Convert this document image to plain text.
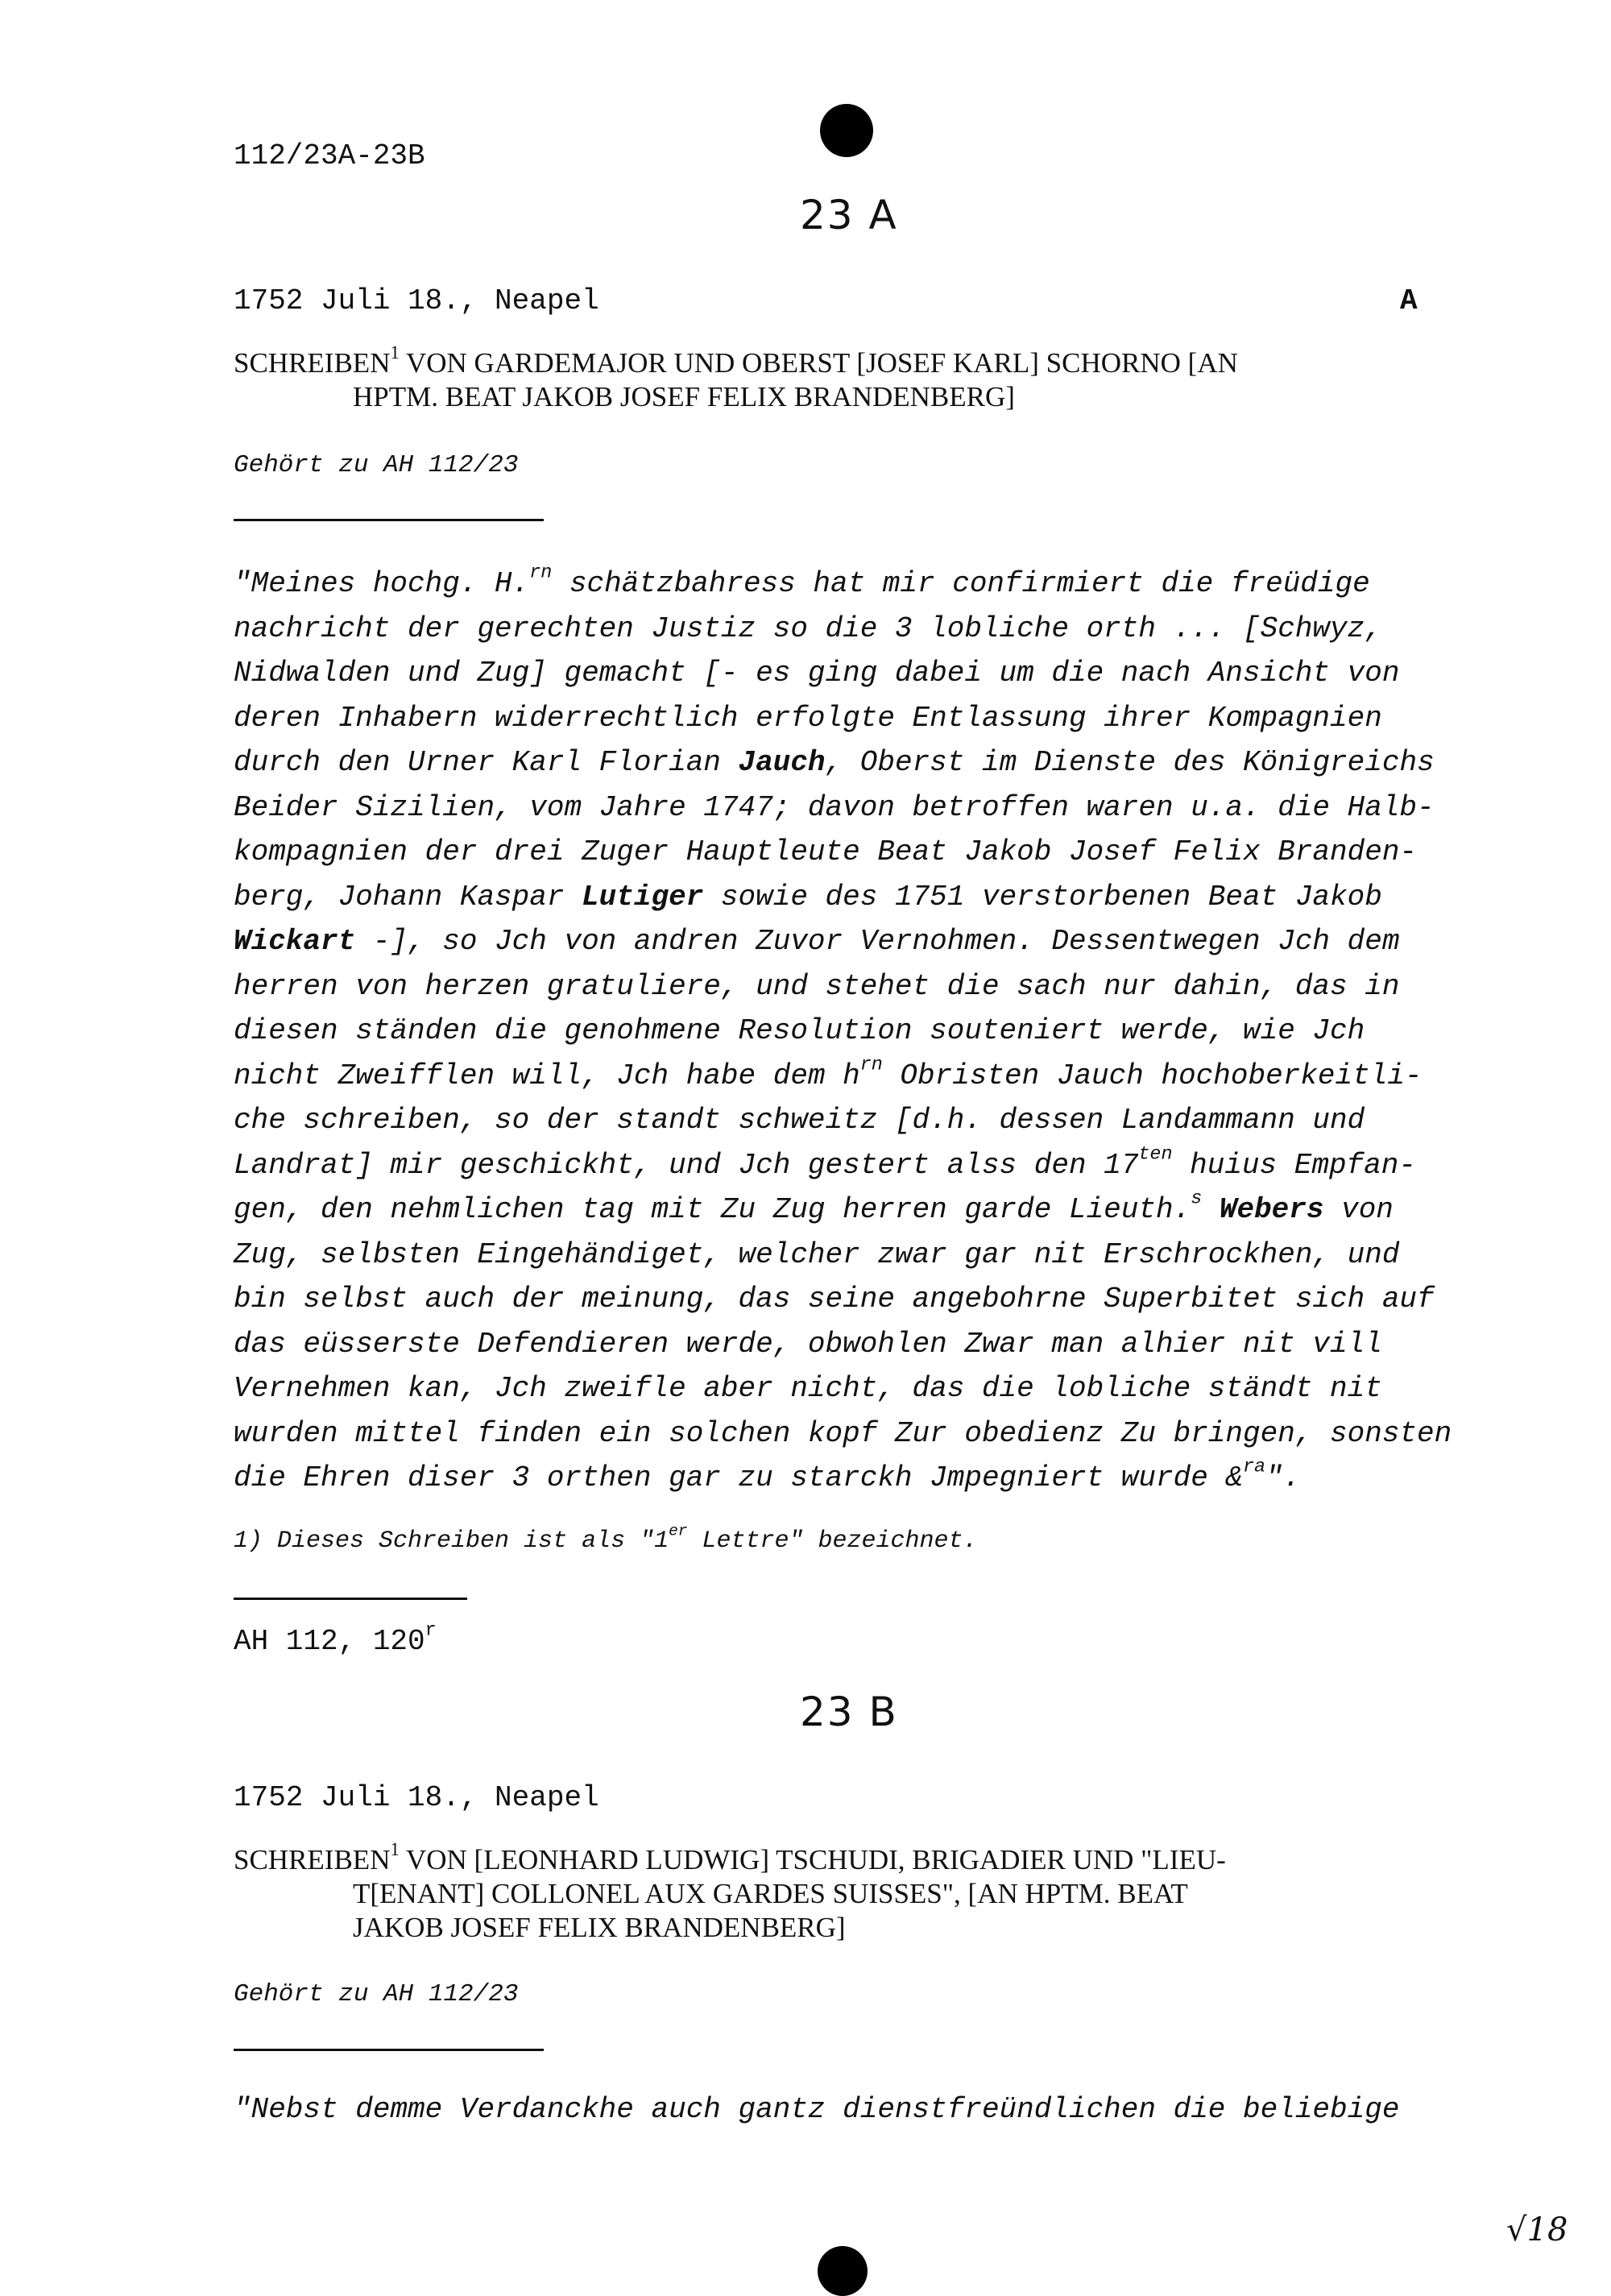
112/23A-23B
23 A
1752 Juli 18., Neapel	A
SCHREIBEN$^1$ VON GARDEMAJOR UND OBERST [JOSEF KARL] SCHORNO [AN
HPTM. BEAT JAKOB JOSEF FELIX BRANDENBERG]
Gehört zu AH 112/23
"Meines hochg. H.$^{rn}$ schätzbahress hat mir confirmiert die freüdige
nachricht der gerechten Justiz so die 3 lobliche orth ... [Schwyz,
Nidwalden und Zug] gemacht [- es ging dabei um die nach Ansicht von
deren Inhabern widerrechtlich erfolgte Entlassung ihrer Kompagnien
durch den Urner Karl Florian Jauch, Oberst im Dienste des Königreichs
Beider Sizilien, vom Jahre 1747; davon betroffen waren u.a. die Halb-
kompagnien der drei Zuger Hauptleute Beat Jakob Josef Felix Branden-
berg, Johann Kaspar Lutiger sowie des 1751 verstorbenen Beat Jakob
Wickart -], so Jch von andren Zuvor Vernohmen. Dessentwegen Jch dem
herren von herzen gratuliere, und stehet die sach nur dahin, das in
diesen ständen die genohmene Resolution souteniert werde, wie Jch
nicht Zweifflen will, Jch habe dem $h^{rn}$ Obristen Jauch hochoberkeitli-
che schreiben, so der standt schweitz [d.h. dessen Landammann und
Landrat] mir geschickht, und Jch gestert alss den $17^{ten}$ huius Empfan-
gen, den nehmlichen tag mit Zu Zug herren garde Lieuth.$^s$ Webers von
Zug, selbsten Eingehändiget, welcher zwar gar nit Erschrockhen, und
bin selbst auch der meinung, das seine angebohrne Superbitet sich auf
das eüsserste Defendieren werde, obwohlen Zwar man alhier nit vill
Vernehmen kan, Jch zweifle aber nicht, das die lobliche ständt nit
wurden mittel finden ein solchen kopf Zur obedienz Zu bringen, sonsten
die Ehren diser 3 orthen gar zu starckh Jmpegniert wurde &$^{ra}$".
1) Dieses Schreiben ist als "1er Lettre" bezeichnet.
AH 112, 120$^r$
23 B
1752 Juli 18., Neapel
SCHREIBEN$^1$ VON [LEONHARD LUDWIG] TSCHUDI, BRIGADIER UND "LIEU-
T[ENANT] COLLONEL AUX GARDES SUISSES", [AN HPTM. BEAT
JAKOB JOSEF FELIX BRANDENBERG]
Gehört zu AH 112/23
"Nebst demme Verdanckhe auch gantz dienstfreündlichen die beliebige
√18
